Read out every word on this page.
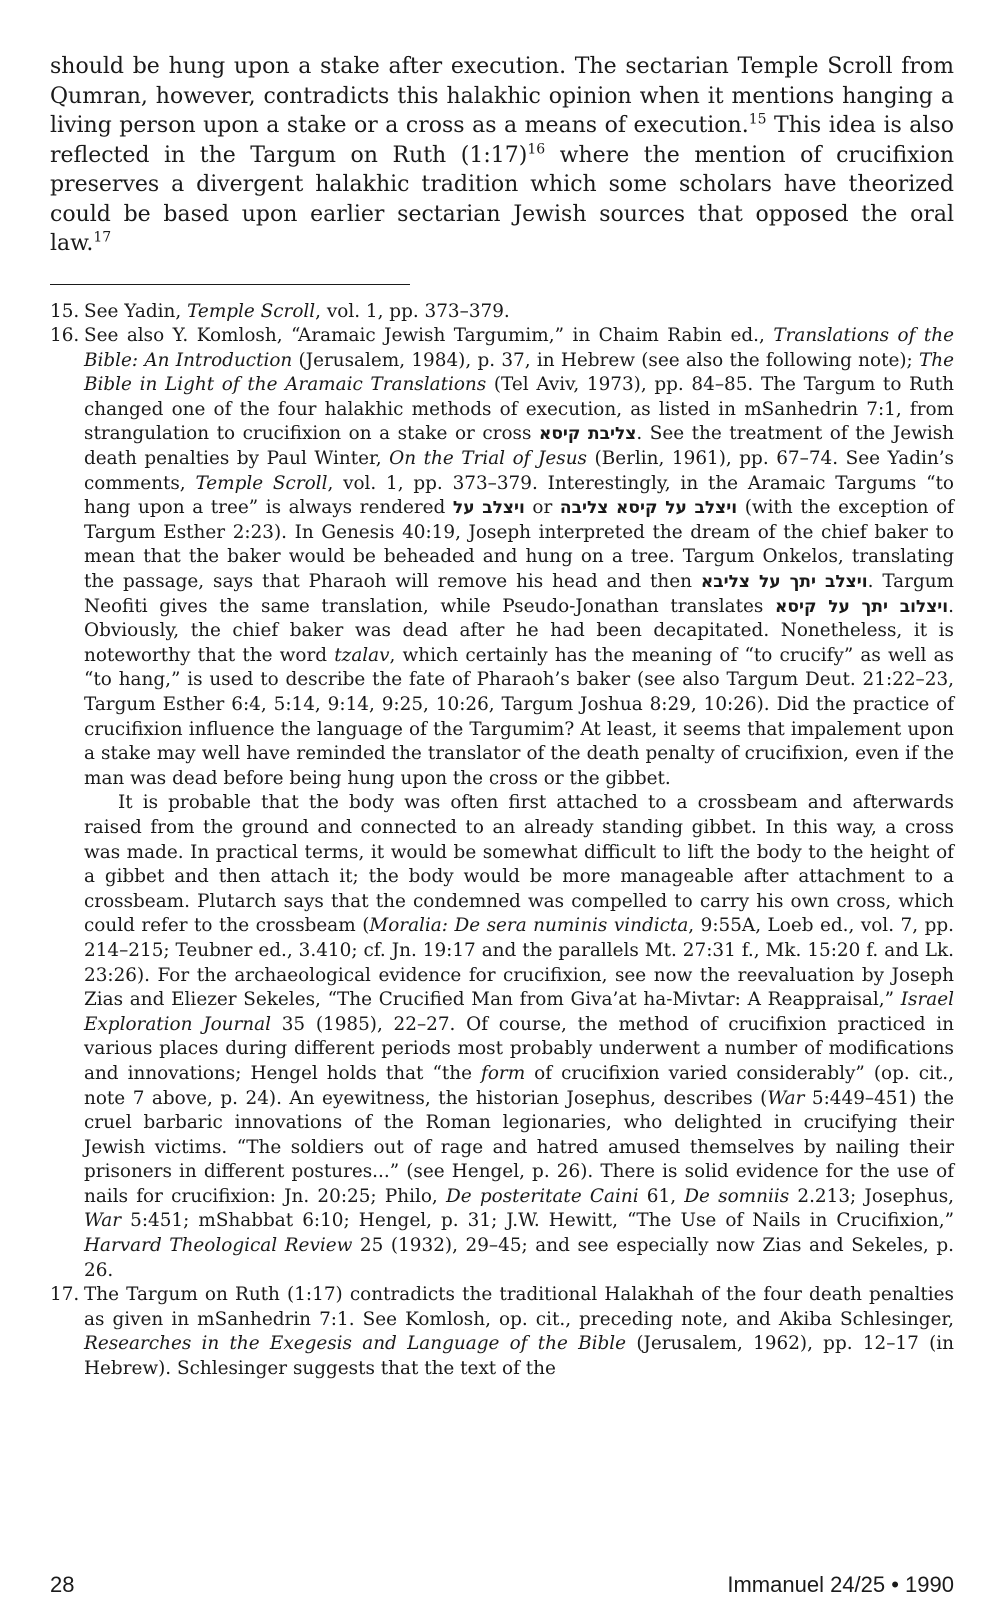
should be hung upon a stake after execution. The sectarian Temple Scroll from Qumran, however, contradicts this halakhic opinion when it mentions hanging a living person upon a stake or a cross as a means of execution.$^{15}$ This idea is also reflected in the Targum on Ruth (1:17)$^{16}$ where the mention of crucifixion preserves a divergent halakhic tradition which some scholars have theorized could be based upon earlier sectarian Jewish sources that opposed the oral law.$^{17}$

15. See Yadin, Temple Scroll, vol. 1, pp. 373–379.

16. See also Y. Komlosh, “Aramaic Jewish Targumim,” in Chaim Rabin ed., Translations of the Bible: An Introduction (Jerusalem, 1984), p. 37, in Hebrew (see also the following note); The Bible in Light of the Aramaic Translations (Tel Aviv, 1973), pp. 84–85. The Targum to Ruth changed one of the four halakhic methods of execution, as listed in mSanhedrin 7:1, from strangulation to crucifixion on a stake or cross צליבת קיסא. See the treatment of the Jewish death penalties by Paul Winter, On the Trial of Jesus (Berlin, 1961), pp. 67–74. See Yadin’s comments, Temple Scroll, vol. 1, pp. 373–379. Interestingly, in the Aramaic Targums “to hang upon a tree” is always rendered ויצלב על or ויצלב על קיסא צליבה (with the exception of Targum Esther 2:23). In Genesis 40:19, Joseph interpreted the dream of the chief baker to mean that the baker would be beheaded and hung on a tree. Targum Onkelos, translating the passage, says that Pharaoh will remove his head and then ויצלב יתך על צליבא. Targum Neofiti gives the same translation, while Pseudo-Jonathan translates ויצלוב יתך על קיסא. Obviously, the chief baker was dead after he had been decapitated. Nonetheless, it is noteworthy that the word tzalav, which certainly has the meaning of “to crucify” as well as “to hang,” is used to describe the fate of Pharaoh’s baker (see also Targum Deut. 21:22–23, Targum Esther 6:4, 5:14, 9:14, 9:25, 10:26, Targum Joshua 8:29, 10:26). Did the practice of crucifixion influence the language of the Targumim? At least, it seems that impalement upon a stake may well have reminded the translator of the death penalty of crucifixion, even if the man was dead before being hung upon the cross or the gibbet.
It is probable that the body was often first attached to a crossbeam and afterwards raised from the ground and connected to an already standing gibbet. In this way, a cross was made. In practical terms, it would be somewhat difficult to lift the body to the height of a gibbet and then attach it; the body would be more manageable after attachment to a crossbeam. Plutarch says that the condemned was compelled to carry his own cross, which could refer to the crossbeam (Moralia: De sera numinis vindicta, 9:55A, Loeb ed., vol. 7, pp. 214–215; Teubner ed., 3.410; cf. Jn. 19:17 and the parallels Mt. 27:31 f., Mk. 15:20 f. and Lk. 23:26). For the archaeological evidence for crucifixion, see now the reevaluation by Joseph Zias and Eliezer Sekeles, “The Crucified Man from Giva’at ha-Mivtar: A Reappraisal,” Israel Exploration Journal 35 (1985), 22–27. Of course, the method of crucifixion practiced in various places during different periods most probably underwent a number of modifications and innovations; Hengel holds that “the form of crucifixion varied considerably” (op. cit., note 7 above, p. 24). An eyewitness, the historian Josephus, describes (War 5:449–451) the cruel barbaric innovations of the Roman legionaries, who delighted in crucifying their Jewish victims. “The soldiers out of rage and hatred amused themselves by nailing their prisoners in different postures...” (see Hengel, p. 26). There is solid evidence for the use of nails for crucifixion: Jn. 20:25; Philo, De posteritate Caini 61, De somniis 2.213; Josephus, War 5:451; mShabbat 6:10; Hengel, p. 31; J.W. Hewitt, “The Use of Nails in Crucifixion,” Harvard Theological Review 25 (1932), 29–45; and see especially now Zias and Sekeles, p. 26.

17. The Targum on Ruth (1:17) contradicts the traditional Halakhah of the four death penalties as given in mSanhedrin 7:1. See Komlosh, op. cit., preceding note, and Akiba Schlesinger, Researches in the Exegesis and Language of the Bible (Jerusalem, 1962), pp. 12–17 (in Hebrew). Schlesinger suggests that the text of the

28	Immanuel 24/25 • 1990
